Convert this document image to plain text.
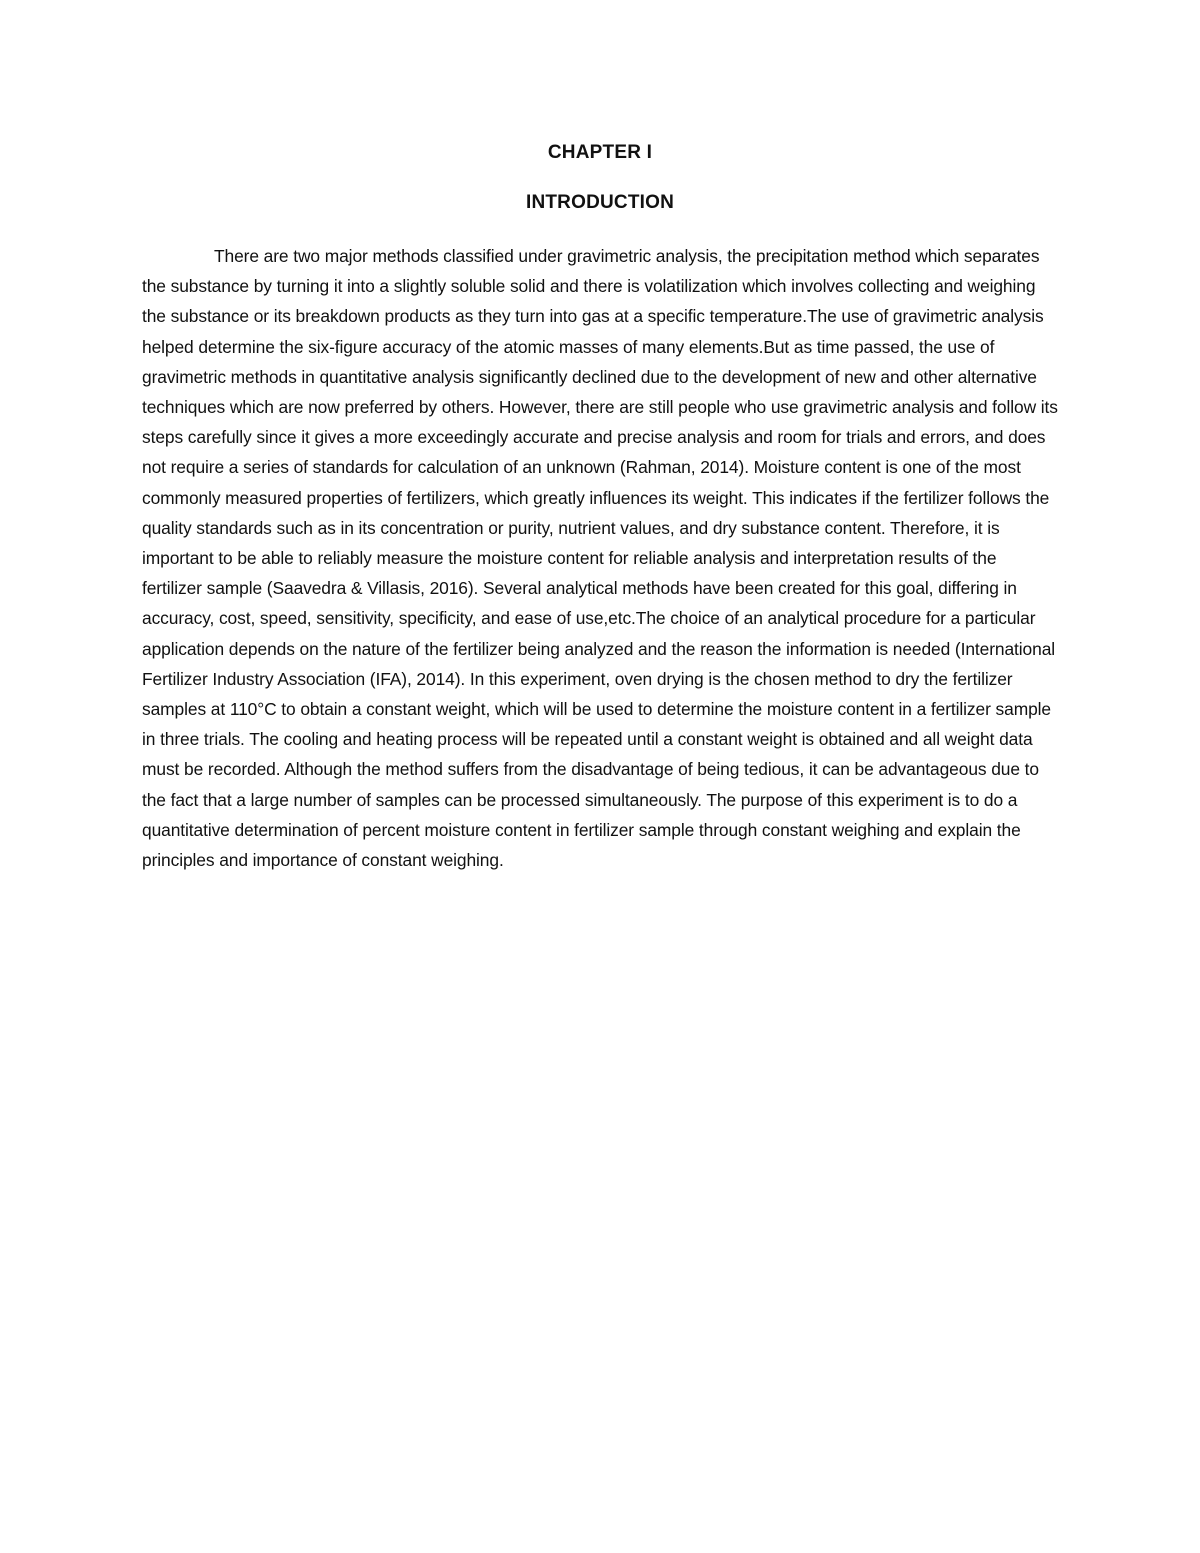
CHAPTER I
INTRODUCTION

There are two major methods classified under gravimetric analysis, the precipitation method which separates the substance by turning it into a slightly soluble solid and there is volatilization which involves collecting and weighing the substance or its breakdown products as they turn into gas at a specific temperature.The use of gravimetric analysis helped determine the six-figure accuracy of the atomic masses of many elements.But as time passed, the use of gravimetric methods in quantitative analysis significantly declined due to the development of new and other alternative techniques which are now preferred by others. However, there are still people who use gravimetric analysis and follow its steps carefully since it gives a more exceedingly accurate and precise analysis and room for trials and errors, and does not require a series of standards for calculation of an unknown (Rahman, 2014). Moisture content is one of the most commonly measured properties of fertilizers, which greatly influences its weight. This indicates if the fertilizer follows the quality standards such as in its concentration or purity, nutrient values, and dry substance content. Therefore, it is important to be able to reliably measure the moisture content for reliable analysis and interpretation results of the fertilizer sample (Saavedra & Villasis, 2016). Several analytical methods have been created for this goal, differing in accuracy, cost, speed, sensitivity, specificity, and ease of use,etc.The choice of an analytical procedure for a particular application depends on the nature of the fertilizer being analyzed and the reason the information is needed (International Fertilizer Industry Association (IFA), 2014). In this experiment, oven drying is the chosen method to dry the fertilizer samples at 110°C to obtain a constant weight, which will be used to determine the moisture content in a fertilizer sample in three trials. The cooling and heating process will be repeated until a constant weight is obtained and all weight data must be recorded. Although the method suffers from the disadvantage of being tedious, it can be advantageous due to the fact that a large number of samples can be processed simultaneously. The purpose of this experiment is to do a quantitative determination of percent moisture content in fertilizer sample through constant weighing and explain the principles and importance of constant weighing.
